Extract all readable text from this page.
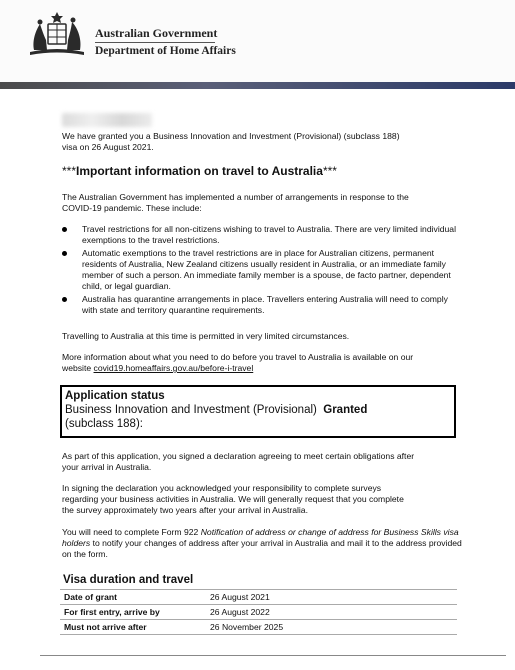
Australian Government
Department of Home Affairs
We have granted you a Business Innovation and Investment (Provisional) (subclass 188)
visa on 26 August 2021.
***Important information on travel to Australia***
The Australian Government has implemented a number of arrangements in response to the
COVID-19 pandemic. These include:
Travel restrictions for all non-citizens wishing to travel to Australia. There are very limited individual exemptions to the travel restrictions.
Automatic exemptions to the travel restrictions are in place for Australian citizens, permanent residents of Australia, New Zealand citizens usually resident in Australia, or an immediate family member of such a person. An immediate family member is a spouse, de facto partner, dependent child, or legal guardian.
Australia has quarantine arrangements in place. Travellers entering Australia will need to comply with state and territory quarantine requirements.
Travelling to Australia at this time is permitted in very limited circumstances.
More information about what you need to do before you travel to Australia is available on our
website covid19.homeaffairs.gov.au/before-i-travel
Application status
Business Innovation and Investment (Provisional) Granted
(subclass 188):
As part of this application, you signed a declaration agreeing to meet certain obligations after
your arrival in Australia.
In signing the declaration you acknowledged your responsibility to complete surveys
regarding your business activities in Australia. We will generally request that you complete
the survey approximately two years after your arrival in Australia.
You will need to complete Form 922 Notification of address or change of address for Business Skills visa holders to notify your changes of address after your arrival in Australia and mail it to the address provided on the form.
Visa duration and travel
Date of grant	26 August 2021
For first entry, arrive by	26 August 2022
Must not arrive after	26 November 2025
